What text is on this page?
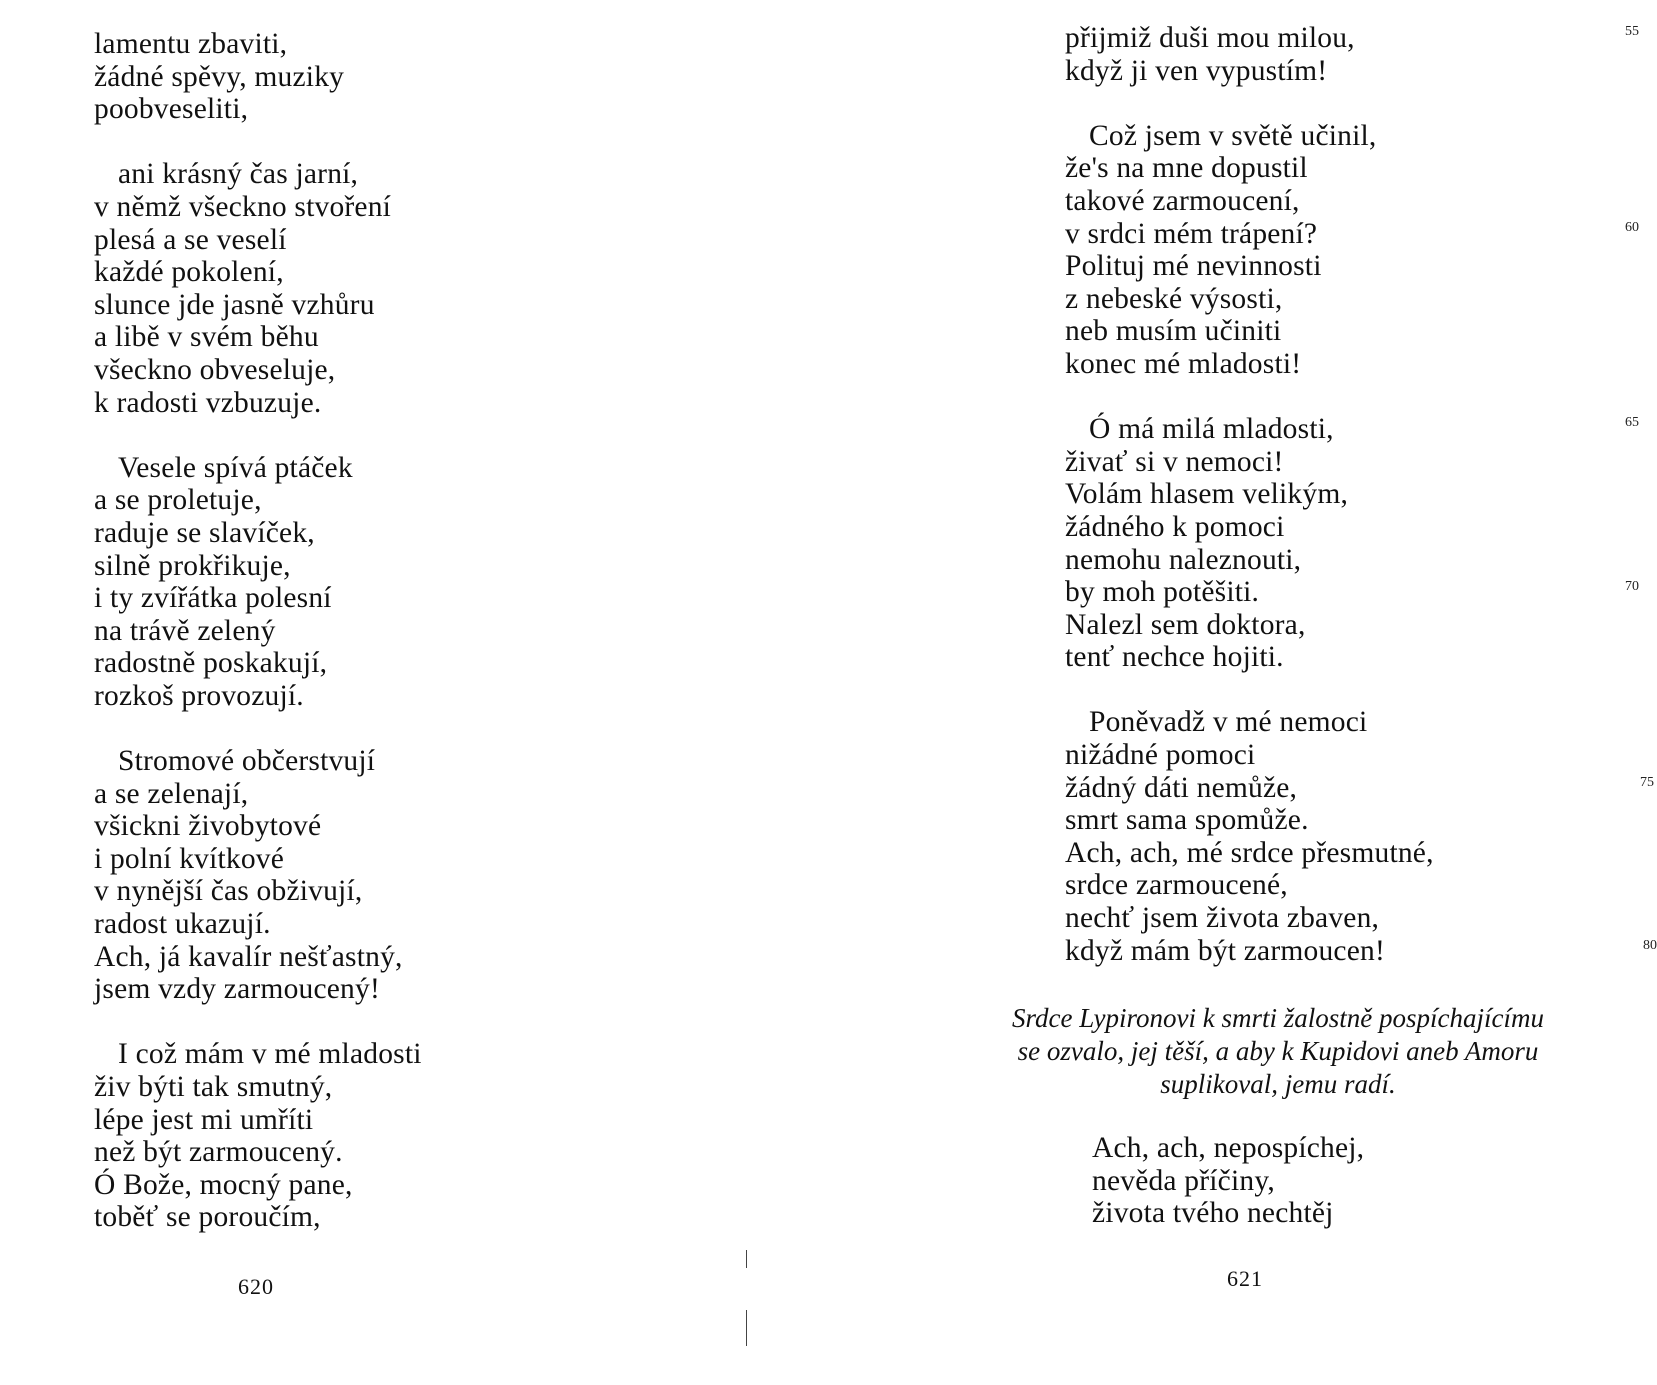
lamentu zbaviti,
žádné spěvy, muziky
poobveseliti,
ani krásný čas jarní,
v němž všeckno stvoření
plesá a se veselí
každé pokolení,
slunce jde jasně vzhůru
a libě v svém běhu
všeckno obveseluje,
k radosti vzbuzuje.
Vesele spívá ptáček
a se proletuje,
raduje se slavíček,
silně prokřikuje,
i ty zvířátka polesní
na trávě zelený
radostně poskakují,
rozkoš provozují.
Stromové občerstvují
a se zelenají,
všickni živobytové
i polní kvítkové
v nynější čas obživují,
radost ukazují.
Ach, já kavalír nešťastný,
jsem vzdy zarmoucený!
I což mám v mé mladosti
živ býti tak smutný,
lépe jest mi umříti
než být zarmoucený.
Ó Bože, mocný pane,
toběť se poroučím,
620
přijmiž duši mou milou,
když ji ven vypustím!
Což jsem v světě učinil,
že's na mne dopustil
takové zarmoucení,
v srdci mém trápení?
Polituj mé nevinnosti
z nebeské výsosti,
neb musím učiniti
konec mé mladosti!
Ó má milá mladosti,
živať si v nemoci!
Volám hlasem velikým,
žádného k pomoci
nemohu naleznouti,
by moh potěšiti.
Nalezl sem doktora,
tenť nechce hojiti.
Poněvadž v mé nemoci
nižádné pomoci
žádný dáti nemůže,
smrt sama spomůže.
Ach, ach, mé srdce přesmutné,
srdce zarmoucené,
nechť jsem života zbaven,
když mám být zarmoucen!
Srdce Lypironovi k smrti žalostně pospíchajícímu
se ozvalo, jej těší, a aby k Kupidovi aneb Amoru
suplikoval, jemu radí.
Ach, ach, nepospíchej,
nevěda příčiny,
života tvého nechtěj
621
55
60
65
70
75
80
